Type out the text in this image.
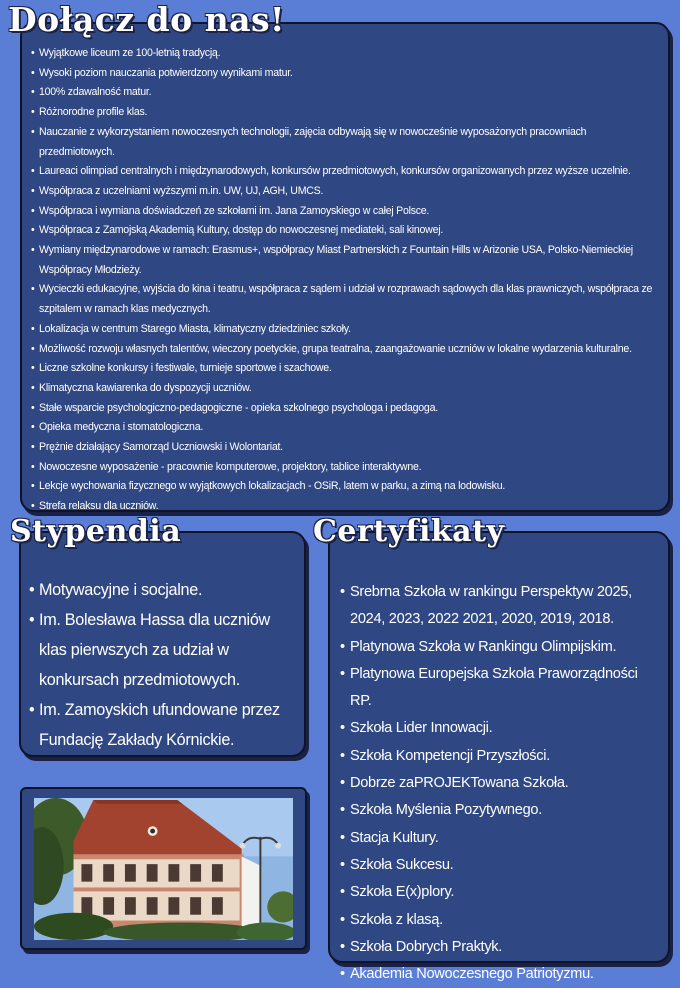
Dołącz do nas!
• Wyjątkowe liceum ze 100-letnią tradycją.
• Wysoki poziom nauczania potwierdzony wynikami matur.
• 100% zdawalność matur.
• Różnorodne profile klas.
• Nauczanie z wykorzystaniem nowoczesnych technologii, zajęcia odbywają się w nowocześnie wyposażonych pracowniach przedmiotowych.
• Laureaci olimpiad centralnych i międzynarodowych, konkursów przedmiotowych, konkursów organizowanych przez wyższe uczelnie.
• Współpraca z uczelniami wyższymi m.in. UW, UJ, AGH, UMCS.
• Współpraca i wymiana doświadczeń ze szkołami im. Jana Zamoyskiego w całej Polsce.
• Współpraca z Zamojską Akademią Kultury, dostęp do nowoczesnej mediateki, sali kinowej.
• Wymiany międzynarodowe w ramach: Erasmus+, współpracy Miast Partnerskich z Fountain Hills w Arizonie USA, Polsko-Niemieckiej Współpracy Młodzieży.
• Wycieczki edukacyjne, wyjścia do kina i teatru, współpraca z sądem i udział w rozprawach sądowych dla klas prawniczych, współpraca ze szpitalem w ramach klas medycznych.
• Lokalizacja w centrum Starego Miasta, klimatyczny dziedziniec szkoły.
• Możliwość rozwoju własnych talentów, wieczory poetyckie, grupa teatralna, zaangażowanie uczniów w lokalne wydarzenia kulturalne.
• Liczne szkolne konkursy i festiwale, turnieje sportowe i szachowe.
• Klimatyczna kawiarenka do dyspozycji uczniów.
• Stałe wsparcie psychologiczno-pedagogiczne - opieka szkolnego psychologa i pedagoga.
• Opieka medyczna i stomatologiczna.
• Prężnie działający Samorząd Uczniowski i Wolontariat.
• Nowoczesne wyposażenie - pracownie komputerowe, projektory, tablice interaktywne.
• Lekcje wychowania fizycznego w wyjątkowych lokalizacjach - OSiR, latem w parku, a zimą na lodowisku.
• Strefa relaksu dla uczniów.
Stypendia
• Motywacyjne i socjalne.
• Im. Bolesława Hassa dla uczniów klas pierwszych za udział w konkursach przedmiotowych.
• Im. Zamoyskich ufundowane przez Fundację Zakłady Kórnickie.
Certyfikaty
• Srebrna Szkoła w rankingu Perspektyw 2025, 2024, 2023, 2022 2021, 2020, 2019, 2018.
• Platynowa Szkoła w Rankingu Olimpijskim.
• Platynowa Europejska Szkoła Praworządności RP.
• Szkoła Lider Innowacji.
• Szkoła Kompetencji Przyszłości.
• Dobrze zaPROJEKTowana Szkoła.
• Szkoła Myślenia Pozytywnego.
• Stacja Kultury.
• Szkoła Sukcesu.
• Szkoła E(x)plory.
• Szkoła z klasą.
• Szkoła Dobrych Praktyk.
• Akademia Nowoczesnego Patriotyzmu.
